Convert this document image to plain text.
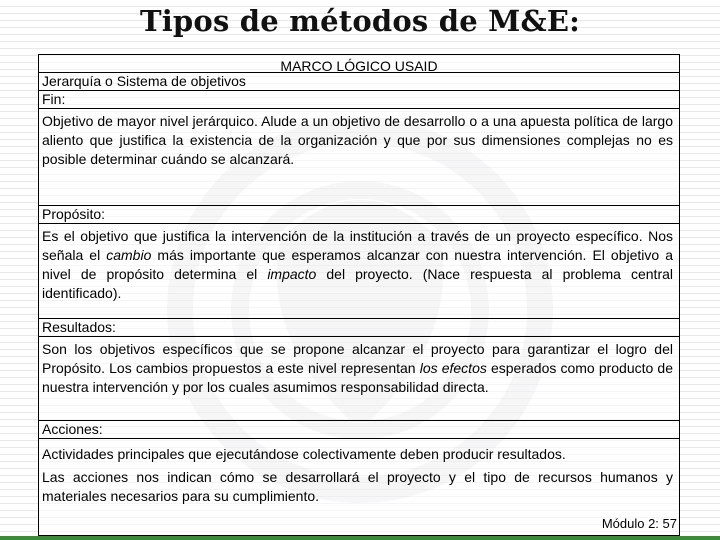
Tipos de métodos de M&E:
MARCO LÓGICO USAID
Jerarquía o Sistema de objetivos
Fin:
Objetivo de mayor nivel jerárquico. Alude a un objetivo de desarrollo o a una apuesta política de largo aliento que justifica la existencia de la organización y que por sus dimensiones complejas no es posible determinar cuándo se alcanzará.
Propósito:
Es el objetivo que justifica la intervención de la institución a través de un proyecto específico. Nos señala el cambio más importante que esperamos alcanzar con nuestra intervención. El objetivo a nivel de propósito determina el impacto del proyecto. (Nace respuesta al problema central identificado).
Resultados:
Son los objetivos específicos que se propone alcanzar el proyecto para garantizar el logro del Propósito. Los cambios propuestos a este nivel representan los efectos esperados como producto de nuestra intervención y por los cuales asumimos responsabilidad directa.
Acciones:
Actividades principales que ejecutándose colectivamente deben producir resultados.
Las acciones nos indican cómo se desarrollará el proyecto y el tipo de recursos humanos y materiales necesarios para su cumplimiento.
Módulo 2: 57
